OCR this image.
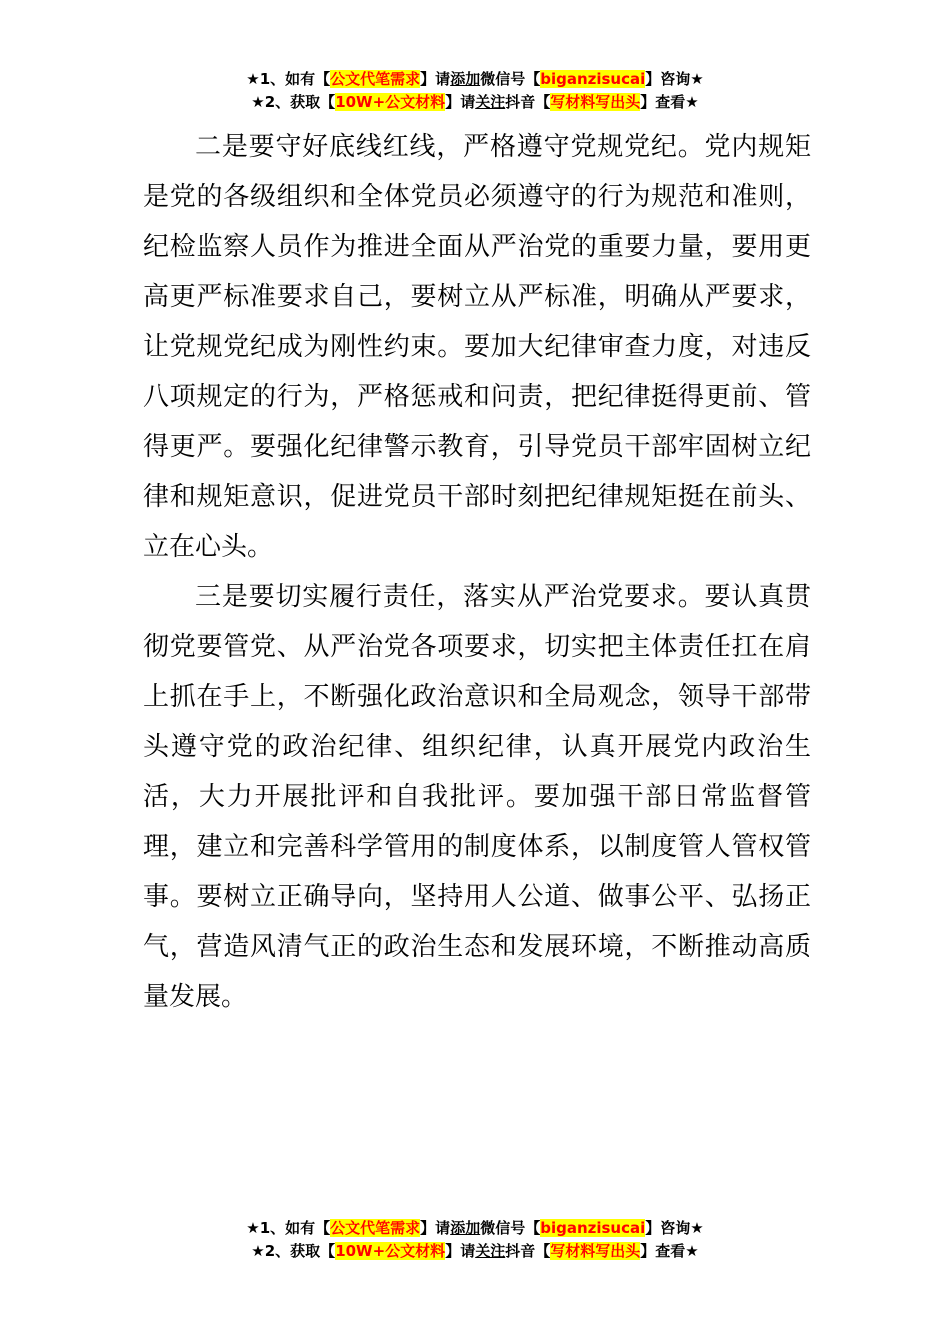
★1、如有【公文代笔需求】请添加微信号【biganzisucai】咨询★
★2、获取【10W+公文材料】请关注抖音【写材料写出头】查看★

二是要守好底线红线，严格遵守党规党纪。党内规矩是党的各级组织和全体党员必须遵守的行为规范和准则，纪检监察人员作为推进全面从严治党的重要力量，要用更高更严标准要求自己，要树立从严标准，明确从严要求，让党规党纪成为刚性约束。要加大纪律审查力度，对违反八项规定的行为，严格惩戒和问责，把纪律挺得更前、管得更严。要强化纪律警示教育，引导党员干部牢固树立纪律和规矩意识，促进党员干部时刻把纪律规矩挺在前头、立在心头。

三是要切实履行责任，落实从严治党要求。要认真贯彻党要管党、从严治党各项要求，切实把主体责任扛在肩上抓在手上，不断强化政治意识和全局观念，领导干部带头遵守党的政治纪律、组织纪律，认真开展党内政治生活，大力开展批评和自我批评。要加强干部日常监督管理，建立和完善科学管用的制度体系，以制度管人管权管事。要树立正确导向，坚持用人公道、做事公平、弘扬正气，营造风清气正的政治生态和发展环境，不断推动高质量发展。

★1、如有【公文代笔需求】请添加微信号【biganzisucai】咨询★
★2、获取【10W+公文材料】请关注抖音【写材料写出头】查看★
